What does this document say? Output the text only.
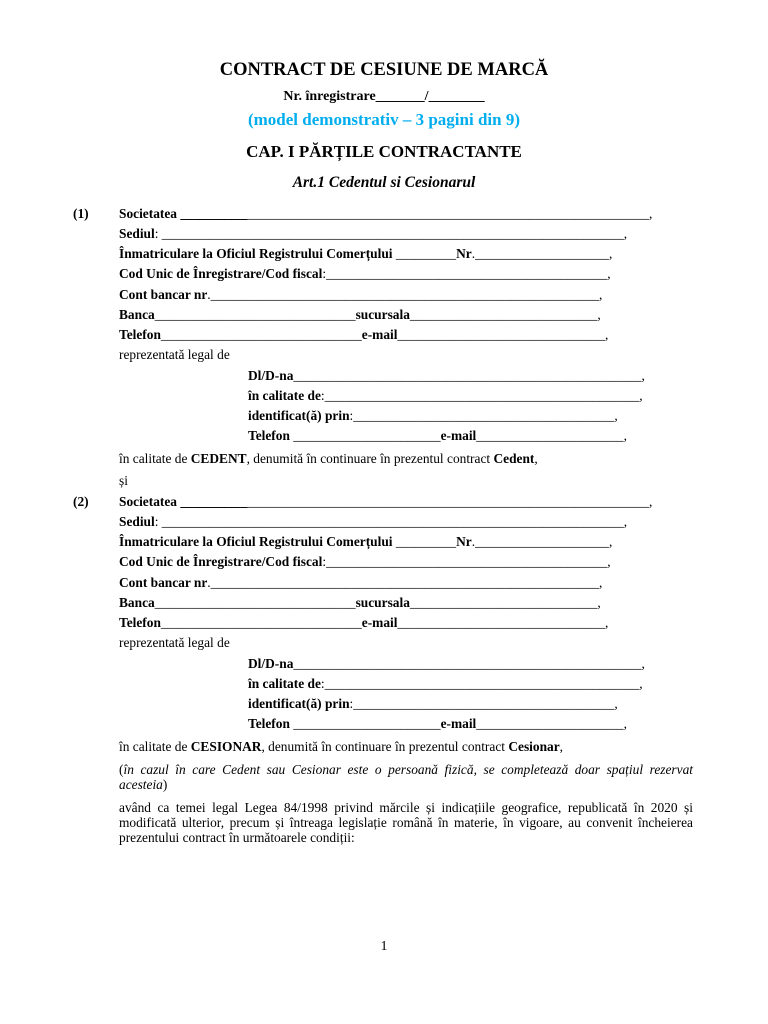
CONTRACT DE CESIUNE DE MARCĂ
Nr. înregistrare_______/________
(model demonstrativ – 3 pagini din 9)
CAP. I PĂRȚILE CONTRACTANTE
Art.1 Cedentul si Cesionarul
(1) Societatea ______________________________________________________________________,
Sediul: _____________________________________________________________________,
Înmatriculare la Oficiul Registrului Comerțului _________Nr.____________________,
Cod Unic de Înregistrare/Cod fiscal:__________________________________________,
Cont bancar nr.__________________________________________________________,
Banca______________________________sucursala____________________________,
Telefon______________________________e-mail_______________________________,
reprezentată legal de
Dl/D-na____________________________________________________,
în calitate de:_______________________________________________,
identificat(ă) prin:_______________________________________,
Telefon ______________________e-mail______________________,
în calitate de CEDENT, denumită în continuare în prezentul contract Cedent,
și
(2) Societatea ______________________________________________________________________,
Sediul: _____________________________________________________________________,
Înmatriculare la Oficiul Registrului Comerțului _________Nr.____________________,
Cod Unic de Înregistrare/Cod fiscal:__________________________________________,
Cont bancar nr.__________________________________________________________,
Banca______________________________sucursala____________________________,
Telefon______________________________e-mail_______________________________,
reprezentată legal de
Dl/D-na____________________________________________________,
în calitate de:_______________________________________________,
identificat(ă) prin:_______________________________________,
Telefon ______________________e-mail______________________,
în calitate de CESIONAR, denumită în continuare în prezentul contract Cesionar,
(în cazul în care Cedent sau Cesionar este o persoană fizică, se completează doar spațiul rezervat acesteia)
având ca temei legal Legea 84/1998 privind mărcile și indicațiile geografice, republicată în 2020 și modificată ulterior, precum și întreaga legislație română în materie, în vigoare, au convenit încheierea prezentului contract în următoarele condiții:
1
